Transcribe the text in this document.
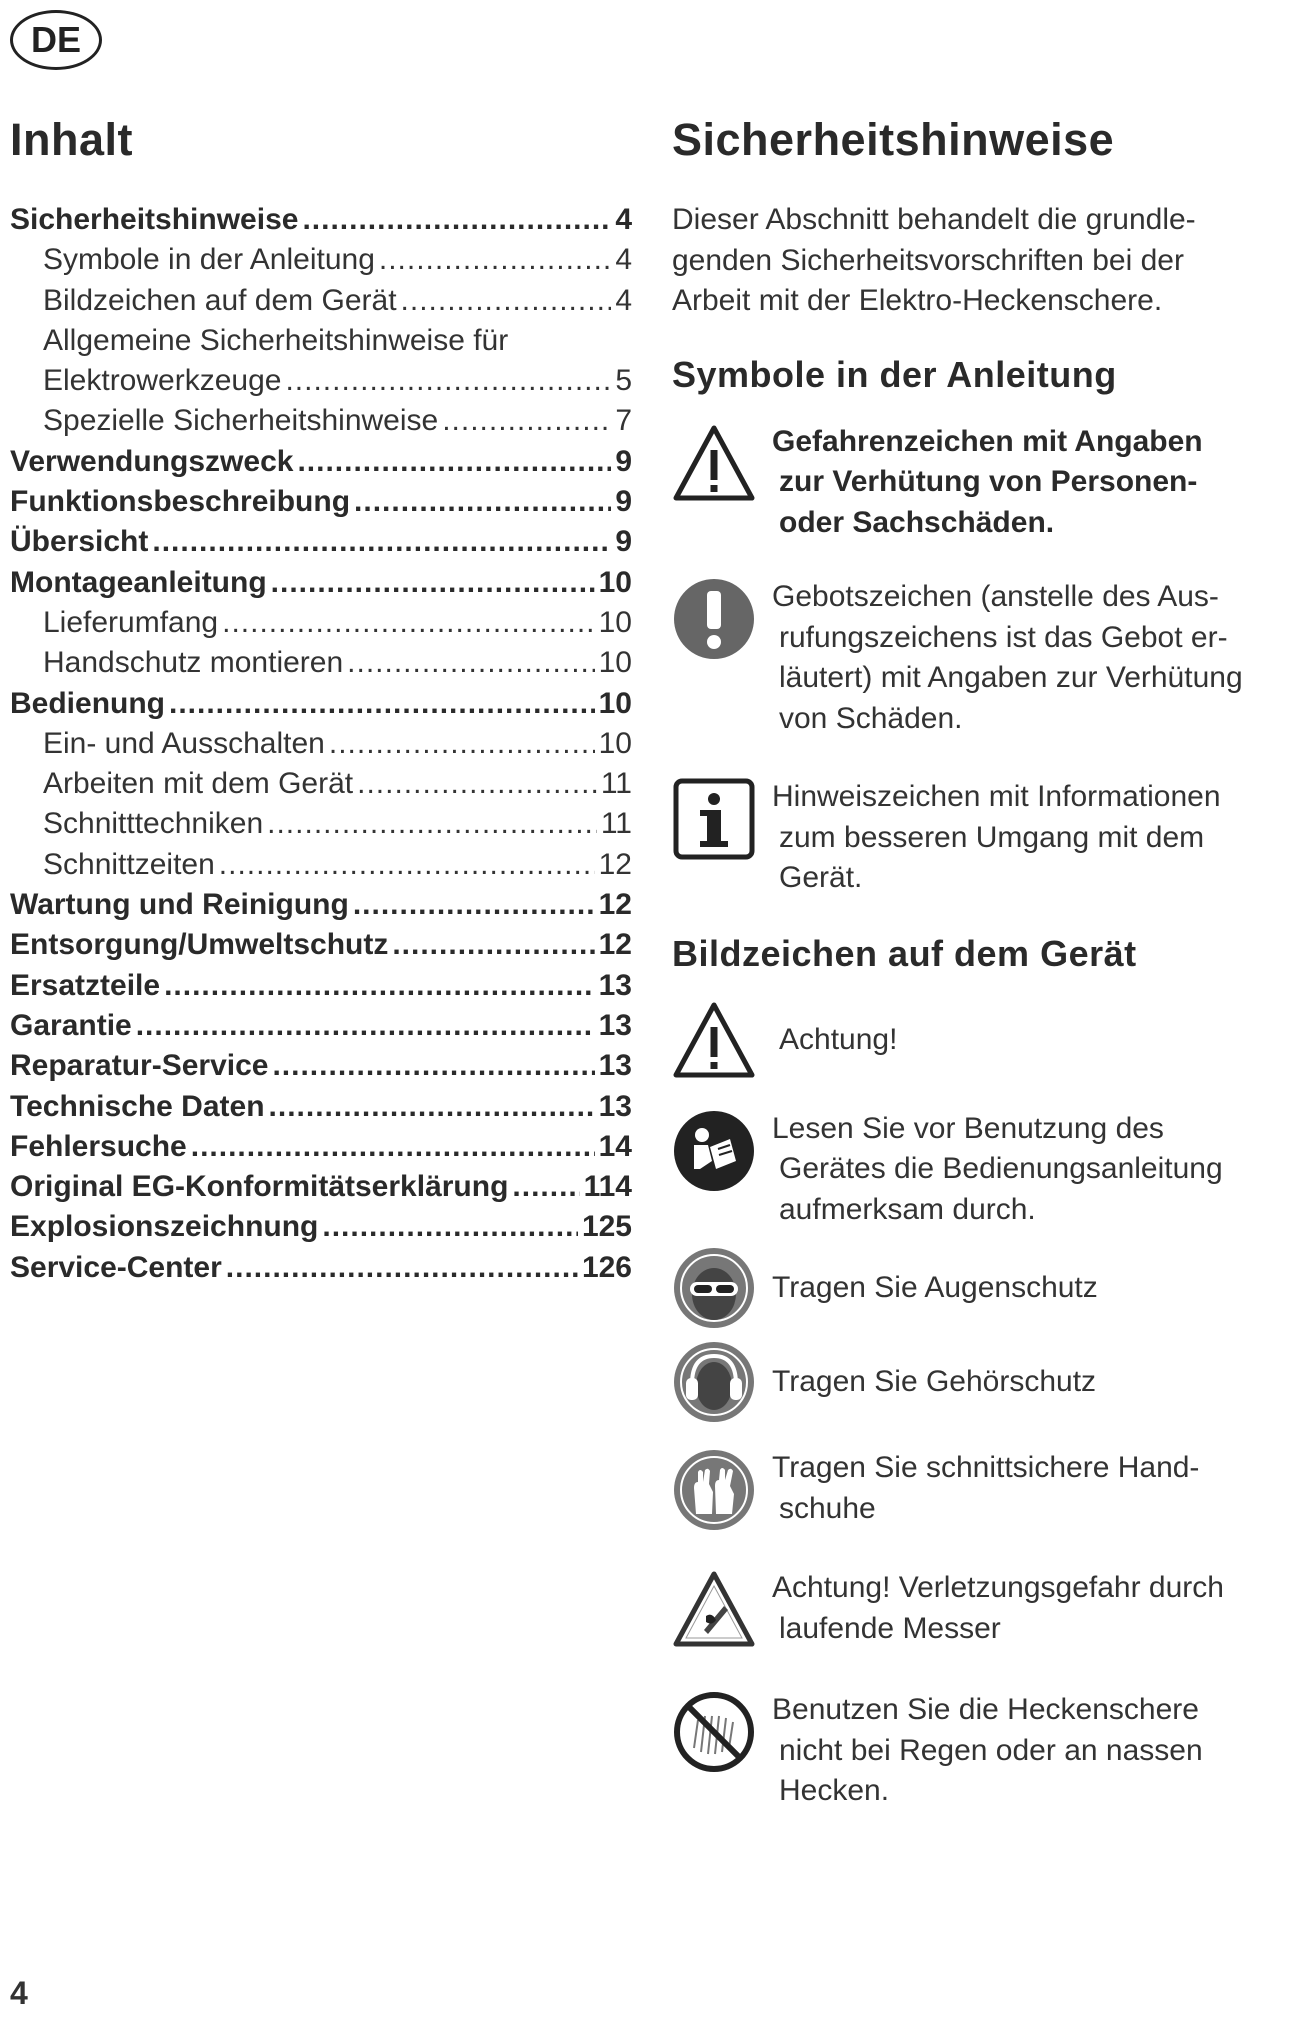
DE
Inhalt
Sicherheitshinweise .....	4
Symbole in der Anleitung .....	4
Bildzeichen auf dem Gerät .....	4
Allgemeine Sicherheitshinweise für
Elektrowerkzeuge .....	5
Spezielle Sicherheitshinweise .....	7
Verwendungszweck .....	9
Funktionsbeschreibung .....	9
Übersicht .....	9
Montageanleitung .....	10
Lieferumfang .....	10
Handschutz montieren .....	10
Bedienung .....	10
Ein- und Ausschalten .....	10
Arbeiten mit dem Gerät .....	11
Schnitttechniken .....	11
Schnittzeiten .....	12
Wartung und Reinigung .....	12
Entsorgung/Umweltschutz .....	12
Ersatzteile .....	13
Garantie .....	13
Reparatur-Service .....	13
Technische Daten .....	13
Fehlersuche .....	14
Original EG-Konformitätserklärung .....	114
Explosionszeichnung .....	125
Service-Center .....	126
Sicherheitshinweise
Dieser Abschnitt behandelt die grundle-
genden Sicherheitsvorschriften bei der
Arbeit mit der Elektro-Heckenschere.
Symbole in der Anleitung
Gefahrenzeichen mit Angaben
zur Verhütung von Personen-
oder Sachschäden.
Gebotszeichen (anstelle des Aus-
rufungszeichens ist das Gebot er-
läutert) mit Angaben zur Verhütung
von Schäden.
Hinweiszeichen mit Informationen
zum besseren Umgang mit dem
Gerät.
Bildzeichen auf dem Gerät
Achtung!
Lesen Sie vor Benutzung des
Gerätes die Bedienungsanleitung
aufmerksam durch.
Tragen Sie Augenschutz
Tragen Sie Gehörschutz
Tragen Sie schnittsichere Hand-
schuhe
Achtung! Verletzungsgefahr durch
laufende Messer
Benutzen Sie die Heckenschere
nicht bei Regen oder an nassen
Hecken.
4
